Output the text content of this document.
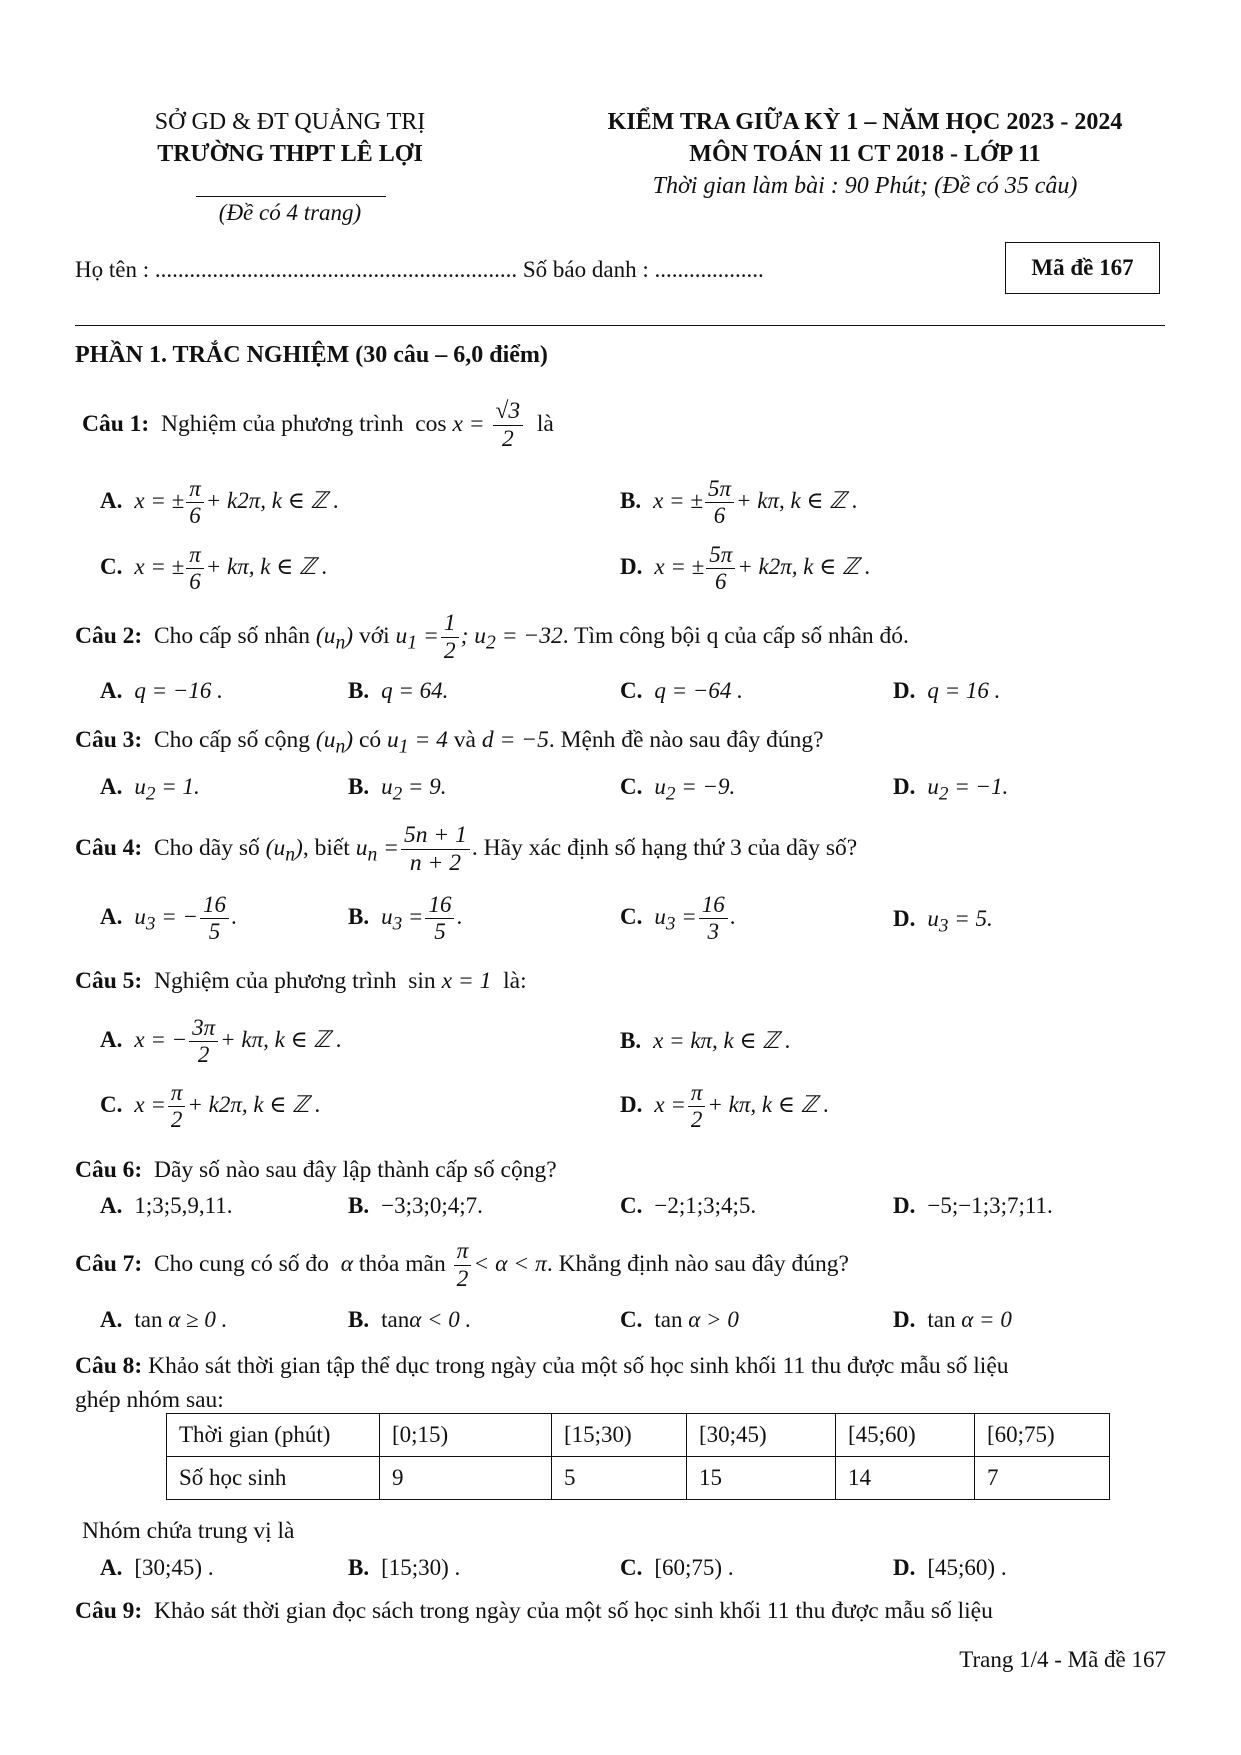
SỞ GD & ĐT QUẢNG TRỊ
TRƯỜNG THPT LÊ LỢI
(Đề có 4 trang)
KIỂM TRA GIỮA KỲ 1 – NĂM HỌC 2023 - 2024
MÔN TOÁN 11 CT 2018 - LỚP 11
Thời gian làm bài : 90 Phút; (Đề có 35 câu)
Họ tên : ............................................................... Số báo danh : ...................	Mã đề 167
PHẦN 1. TRẮC NGHIỆM (30 câu – 6,0 điểm)
Câu 1: Nghiệm của phương trình $\cos x = \frac{√3}{2}$ là
A. x = ± $\frac{\pi}{6} + k2\pi$, k ∈ ℤ .	B. x = ± $\frac{5\pi}{6} + k\pi$, k ∈ ℤ .
C. x = ± $\frac{\pi}{6} + k\pi$, k ∈ ℤ .	D. x = ± $\frac{5\pi}{6} + k2\pi$, k ∈ ℤ .
Câu 2: Cho cấp số nhân $(u_n)$ với $u_1 = \frac{1}{2}$ ; $u_2 = -32$. Tìm công bội q của cấp số nhân đó.
A. q = −16 .	B. q = 64.	C. q = −64 .	D. q = 16 .
Câu 3: Cho cấp số cộng $(u_n)$ có $u_1 = 4$ và d = −5. Mệnh đề nào sau đây đúng?
A. $u_2 = 1$.	B. $u_2 = 9$.	C. $u_2 = -9$.	D. $u_2 = -1$.
Câu 4: Cho dãy số $(u_n)$, biết $u_n = \frac{5n + 1}{n + 2}$ . Hãy xác định số hạng thứ 3 của dãy số?
A. $u_3$ = − $\frac{16}{5}$ .	B. $u_3 = \frac{16}{5}$ .	C. $u_3 = \frac{16}{3}$ .	D. $u_3 = 5$.
Câu 5: Nghiệm của phương trình sin x = 1 là:
A. x = − $\frac{3\pi}{2} + k\pi$, k ∈ ℤ .	B. x = kπ, k ∈ ℤ .
C. $x = \frac{\pi}{2} + k2\pi$, k ∈ ℤ .	D. $x = \frac{\pi}{2} + k\pi$, k ∈ ℤ .
Câu 6: Dãy số nào sau đây lập thành cấp số cộng?
A. 1;3;5,9,11.	B. −3;3;0;4;7.	C. −2;1;3;4;5.	D. −5;−1;3;7;11.
Câu 7: Cho cung có số đo α thỏa mãn $\frac{\pi}{2} < \alpha < \pi$. Khẳng định nào sau đây đúng?
A. tan α ≥ 0 .	B. tanα < 0 .	C. tan α > 0	D. tan α = 0
Câu 8: Khảo sát thời gian tập thể dục trong ngày của một số học sinh khối 11 thu được mẫu số liệu
ghép nhóm sau:
Thời gian (phút)	[0;15)	[15;30)	[30;45)	[45;60)	[60;75)
Số học sinh	9	5	15	14	7
Nhóm chứa trung vị là
A. [30;45) .	B. [15;30) .	C. [60;75) .	D. [45;60) .
Câu 9: Khảo sát thời gian đọc sách trong ngày của một số học sinh khối 11 thu được mẫu số liệu
Trang 1/4 - Mã đề 167
